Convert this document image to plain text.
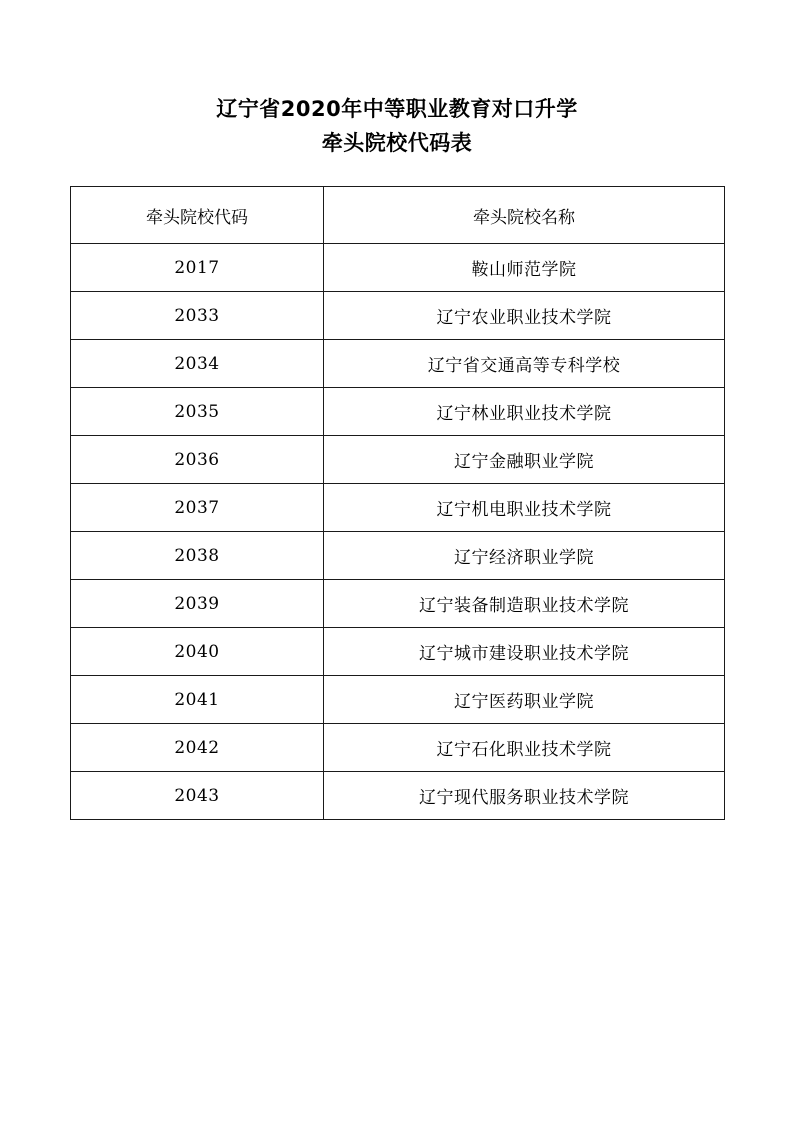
辽宁省2020年中等职业教育对口升学
牵头院校代码表
牵头院校代码	牵头院校名称
2017	鞍山师范学院
2033	辽宁农业职业技术学院
2034	辽宁省交通高等专科学校
2035	辽宁林业职业技术学院
2036	辽宁金融职业学院
2037	辽宁机电职业技术学院
2038	辽宁经济职业学院
2039	辽宁装备制造职业技术学院
2040	辽宁城市建设职业技术学院
2041	辽宁医药职业学院
2042	辽宁石化职业技术学院
2043	辽宁现代服务职业技术学院
